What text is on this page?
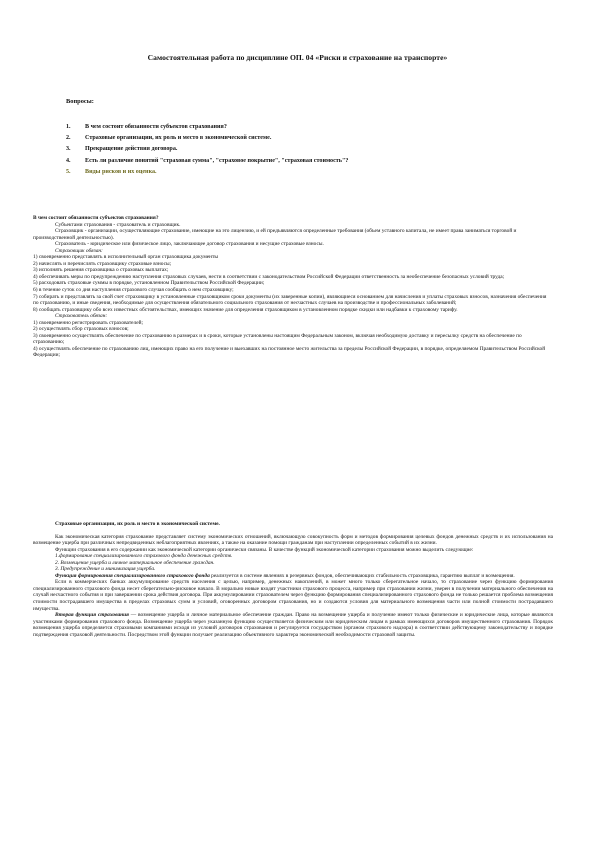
Самостоятельная работа по дисциплине ОП. 04 «Риски и страхование на транспорте»
Вопросы:
1. В чем состоит обязанности субъектов страхования?
2. Страховые организации, их роль и место в экономической системе.
3. Прекращение действия договора.
4. Есть ли различие понятий "страховая сумма", "страховое покрытие", "страховая стоимость"?
5. Виды рисков и их оценка.

В чем состоит обязанности субъектов страхования?

Субъектами страхования - страхователь и страховщик.

Страховщик - организации, осуществляющие страхование, имеющие на это лицензию, и ей предъявляются определенные требования (объем уставного капитала, не имеет права заниматься торговой и производственной деятельностью).

Страхователь - юридическое или физическое лицо, заключающее договор страхования и несущие страховые взносы.

Страховщик обязан:

1) своевременно представлять в исполнительный орган страховщика документы

2) начислять и перечислять страховщику страховые взносы;

3) исполнять решения страховщика о страховых выплатах;

4) обеспечивать меры по предупреждению наступления страховых случаев, нести в соответствии с законодательством Российской Федерации ответственность за необеспечение безопасных условий труда;

5) расходовать страховые суммы в порядке, установленном Правительством Российской Федерации;

6) в течение суток со дня наступления страхового случая сообщать о нем страховщику;

7) собирать и представлять за свой счет страховщику в установленные страховщиком сроки документы (их заверенные копии), являющиеся основанием для начисления и уплаты страховых взносов, назначения обеспечения по страхованию, и иные сведения, необходимые для осуществления обязательного социального страхования от несчастных случаев на производстве и профессиональных заболеваний;

8) сообщать страховщику обо всех известных обстоятельствах, имеющих значение для определения страховщиком в установленном порядке скидки или надбавки к страховому тарифу.

Страхователь обязан:

1) своевременно регистрировать страхователей;

2) осуществлять сбор страховых взносов;

3) своевременно осуществлять обеспечение по страхованию в размерах и в сроки, которые установлены настоящим Федеральным законом, включая необходимую доставку и пересылку средств на обеспечение по страхованию;

4) осуществлять обеспечение по страхованию лиц, имеющих право на его получение и выехавших на постоянное место жительства за пределы Российской Федерации, в порядке, определяемом Правительством Российской Федерации;

Страховые организации, их роль и место в экономической системе.

Как экономическая категория страхование представляет систему экономических отношений, включающую совокупность форм и методов формирования целевых фондов денежных средств и их использования на возмещение ущерба при различных непредвиденных неблагоприятных явлениях, а также на оказание помощи гражданам при наступлении определенных событий в их жизни.

Функции страхования в его содержании как экономической категории органически связаны. В качестве функций экономической категории страхования можно выделить следующие:

1.формирование специализированного страхового фонда денежных средств.

2. Возмещение ущерба и личное материальное обеспечение граждан.

3. Предупреждение и минимизация ущерба.

Функция формирования специализированного страхового фонда реализуется в системе явлениях в резервных фондов, обеспечивающих стабильность страховщика, гарантию выплат и возмещения.

Если в коммерческих банках аккумулирование средств населения с целью, например, денежных накоплений, в может много только сберегательное начало, то страхование через функцию формирования специализированного страхового фонда несет сберегательно-рисковое начало. В морально новые входят участники страхового процесса, например при страховании жизни, уверен в получении материального обеспечения на случай несчастного события и при завершении срока действия договора. При аккумулировании страхователем через функцию формирования специализированного страхового фонда не только решается проблема возмещения стоимости пострадавшего имущества в пределах страховых сумм и условий, оговоренных договором страхования, но и создаются условия для материального возмещения части или полной стоимости пострадавшего имущества.

Вторая функция страхования — возмещение ущерба и личное материальное обеспечение граждан. Право на возмещение ущерба и получение имеют только физические и юридические лица, которые являются участниками формирования страхового фонда. Возмещение ущерба через указанную функцию осуществляется физическим или юридическим лицам в рамках имеющихся договоров имущественного страхования. Порядок возмещения ущерба определяется страховыми компаниями исходя из условий договоров страхования и регулируется государством (органом страхового надзора) в соответствии действующему законодательству и порядке подтверждения страховой деятельности. Посредством этой функции получает реализацию объективного характера экономической необходимости страховой защиты.
